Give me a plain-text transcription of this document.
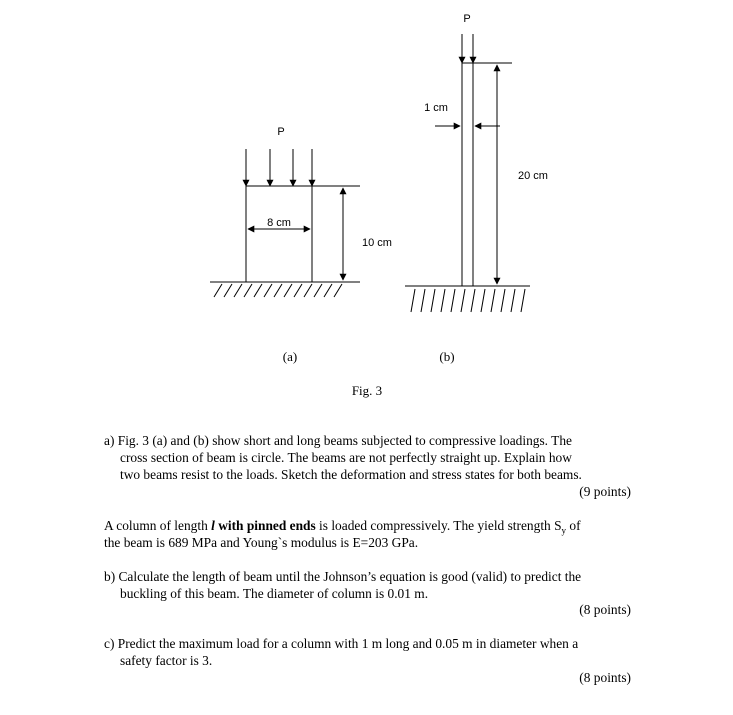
P
8 cm
10 cm
(a)
P
20 cm
1 cm
(b)
Fig. 3
a) Fig. 3 (a) and (b) show short and long beams subjected to compressive loadings. The
cross section of beam is circle. The beams are not perfectly straight up. Explain how
two beams resist to the loads. Sketch the deformation and stress states for both beams.
(9 points)
A column of length l with pinned ends is loaded compressively. The yield strength $S_y$ of
the beam is 689 MPa and Young`s modulus is E=203 GPa.
b) Calculate the length of beam until the Johnson’s equation is good (valid) to predict the
buckling of this beam. The diameter of column is 0.01 m.
(8 points)
c) Predict the maximum load for a column with 1 m long and 0.05 m in diameter when a
safety factor is 3.
(8 points)
